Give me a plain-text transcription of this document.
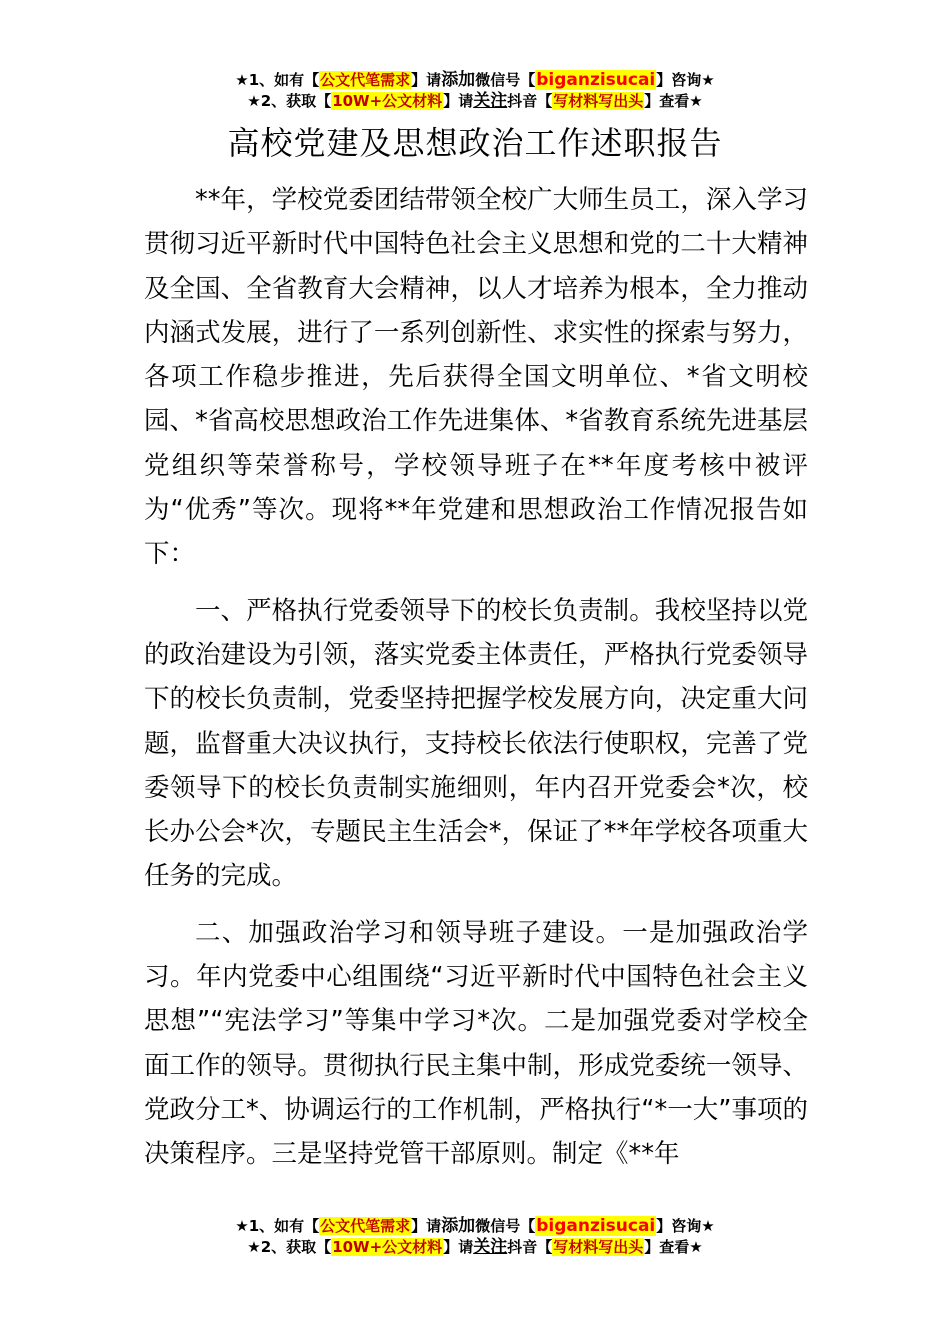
★1、如有【公文代笔需求】请添加微信号【biganzisucai】咨询★
★2、获取【10W+公文材料】请关注抖音【写材料写出头】查看★
高校党建及思想政治工作述职报告

**年，学校党委团结带领全校广大师生员工，深入学习贯彻习近平新时代中国特色社会主义思想和党的二十大精神及全国、全省教育大会精神，以人才培养为根本，全力推动内涵式发展，进行了一系列创新性、求实性的探索与努力，各项工作稳步推进，先后获得全国文明单位、*省文明校园、*省高校思想政治工作先进集体、*省教育系统先进基层党组织等荣誉称号，学校领导班子在**年度考核中被评为“优秀”等次。现将**年党建和思想政治工作情况报告如下：

一、严格执行党委领导下的校长负责制。我校坚持以党的政治建设为引领，落实党委主体责任，严格执行党委领导下的校长负责制，党委坚持把握学校发展方向，决定重大问题，监督重大决议执行，支持校长依法行使职权，完善了党委领导下的校长负责制实施细则，年内召开党委会*次，校长办公会*次，专题民主生活会*，保证了**年学校各项重大任务的完成。

二、加强政治学习和领导班子建设。一是加强政治学习。年内党委中心组围绕“习近平新时代中国特色社会主义思想”“宪法学习”等集中学习*次。二是加强党委对学校全面工作的领导。贯彻执行民主集中制，形成党委统一领导、党政分工*、协调运行的工作机制，严格执行“*一大”事项的决策程序。三是坚持党管干部原则。制定《**年

★1、如有【公文代笔需求】请添加微信号【biganzisucai】咨询★
★2、获取【10W+公文材料】请关注抖音【写材料写出头】查看★
